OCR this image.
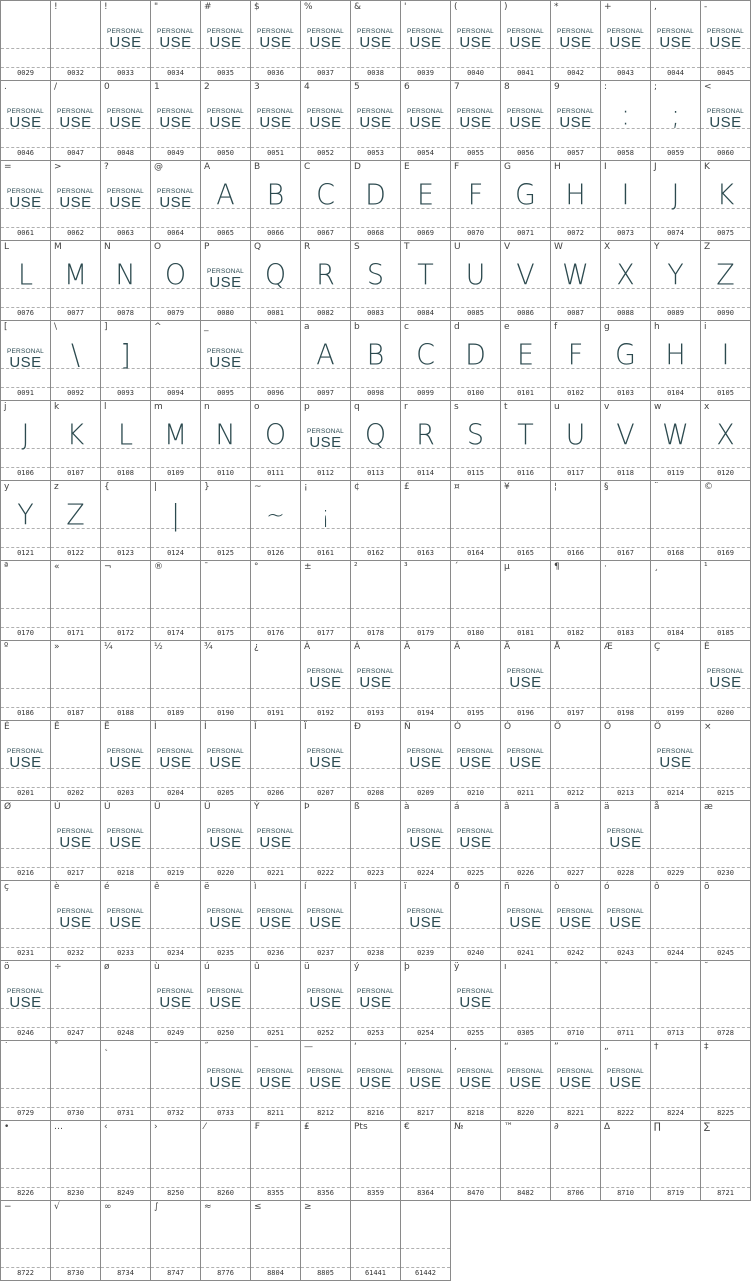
0029
!
0032
!
PERSONAL
USE
0033
"
PERSONAL
USE
0034
#
PERSONAL
USE
0035
$
PERSONAL
USE
0036
%
PERSONAL
USE
0037
&
PERSONAL
USE
0038
'
PERSONAL
USE
0039
(
PERSONAL
USE
0040
)
PERSONAL
USE
0041
*
PERSONAL
USE
0042
+
PERSONAL
USE
0043
,
PERSONAL
USE
0044
-
PERSONAL
USE
0045
.
PERSONAL
USE
0046
/
PERSONAL
USE
0047
0
PERSONAL
USE
0048
1
PERSONAL
USE
0049
2
PERSONAL
USE
0050
3
PERSONAL
USE
0051
4
PERSONAL
USE
0052
5
PERSONAL
USE
0053
6
PERSONAL
USE
0054
7
PERSONAL
USE
0055
8
PERSONAL
USE
0056
9
PERSONAL
USE
0057
:
:
0058
;
;
0059
<
PERSONAL
USE
0060
=
PERSONAL
USE
0061
>
PERSONAL
USE
0062
?
PERSONAL
USE
0063
@
PERSONAL
USE
0064
A
A
0065
B
B
0066
C
C
0067
D
D
0068
E
E
0069
F
F
0070
G
G
0071
H
H
0072
I
I
0073
J
J
0074
K
K
0075
L
L
0076
M
M
0077
N
N
0078
O
O
0079
P
PERSONAL
USE
0080
Q
Q
0081
R
R
0082
S
S
0083
T
T
0084
U
U
0085
V
V
0086
W
W
0087
X
X
0088
Y
Y
0089
Z
Z
0090
[
PERSONAL
USE
0091
\
\
0092
]
]
0093
^
0094
_
PERSONAL
USE
0095
`
0096
a
A
0097
b
B
0098
c
C
0099
d
D
0100
e
E
0101
f
F
0102
g
G
0103
h
H
0104
i
I
0105
j
J
0106
k
K
0107
l
L
0108
m
M
0109
n
N
0110
o
O
0111
p
PERSONAL
USE
0112
q
Q
0113
r
R
0114
s
S
0115
t
T
0116
u
U
0117
v
V
0118
w
W
0119
x
X
0120
y
Y
0121
z
Z
0122
{
0123
|
|
0124
}
0125
~
~
0126
¡
¡
0161
¢
0162
£
0163
¤
0164
¥
0165
¦
0166
§
0167
¨
0168
©
0169
ª
0170
«
0171
¬
0172
®
0174
¯
0175
°
0176
±
0177
²
0178
³
0179
´
0180
µ
0181
¶
0182
·
0183
¸
0184
¹
0185
º
0186
»
0187
¼
0188
½
0189
¾
0190
¿
0191
À
PERSONAL
USE
0192
Á
PERSONAL
USE
0193
Â
0194
Ã
0195
Ä
PERSONAL
USE
0196
Å
0197
Æ
0198
Ç
0199
È
PERSONAL
USE
0200
É
PERSONAL
USE
0201
Ê
0202
Ë
PERSONAL
USE
0203
Ì
PERSONAL
USE
0204
Í
PERSONAL
USE
0205
Î
0206
Ï
PERSONAL
USE
0207
Ð
0208
Ñ
PERSONAL
USE
0209
Ò
PERSONAL
USE
0210
Ó
PERSONAL
USE
0211
Ô
0212
Õ
0213
Ö
PERSONAL
USE
0214
×
0215
Ø
0216
Ù
PERSONAL
USE
0217
Ú
PERSONAL
USE
0218
Û
0219
Ü
PERSONAL
USE
0220
Ý
PERSONAL
USE
0221
Þ
0222
ß
0223
à
PERSONAL
USE
0224
á
PERSONAL
USE
0225
â
0226
ã
0227
ä
PERSONAL
USE
0228
å
0229
æ
0230
ç
0231
è
PERSONAL
USE
0232
é
PERSONAL
USE
0233
ê
0234
ë
PERSONAL
USE
0235
ì
PERSONAL
USE
0236
í
PERSONAL
USE
0237
î
0238
ï
PERSONAL
USE
0239
ð
0240
ñ
PERSONAL
USE
0241
ò
PERSONAL
USE
0242
ó
PERSONAL
USE
0243
ô
0244
õ
0245
ö
PERSONAL
USE
0246
÷
0247
ø
0248
ù
PERSONAL
USE
0249
ú
PERSONAL
USE
0250
û
0251
ü
PERSONAL
USE
0252
ý
PERSONAL
USE
0253
þ
0254
ÿ
PERSONAL
USE
0255
ı
0305
ˆ
0710
ˇ
0711
ˉ
0713
˘
0728
˙
0729
˚
0730
˛
0731
˜
0732
˝
PERSONAL
USE
0733
–
PERSONAL
USE
8211
—
PERSONAL
USE
8212
‘
PERSONAL
USE
8216
’
PERSONAL
USE
8217
‚
PERSONAL
USE
8218
“
PERSONAL
USE
8220
”
PERSONAL
USE
8221
„
PERSONAL
USE
8222
†
8224
‡
8225
•
8226
…
8230
‹
8249
›
8250
⁄
8260
₣
8355
₤
8356
Pts
8359
€
8364
№
8470
™
8482
∂
8706
∆
8710
∏
8719
∑
8721
−
8722
√
8730
∞
8734
∫
8747
≈
8776
≤
8804
≥
8805	61441	61442
